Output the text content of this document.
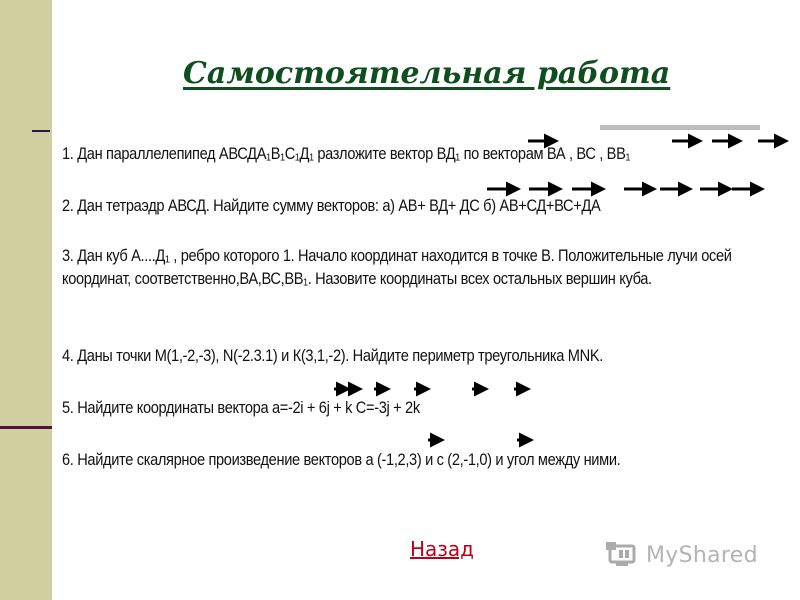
Самостоятельная работа
1. Дан параллелепипед АВСДА₁В₁С₁Д₁ разложите вектор ВД₁ по векторам ВА , ВС , ВВ₁
2. Дан тетраэдр АВСД. Найдите сумму векторов: а) АВ+ ВД+ ДС б) АВ+СД+ВС+ДА
3. Дан куб А....Д₁ , ребро которого 1. Начало координат находится в точке В. Положительные лучи осей координат, соответственно,ВА,ВС,ВВ₁. Назовите координаты всех остальных вершин куба.
4. Даны точки М(1,-2,-3), N(-2.3.1) и К(3,1,-2). Найдите периметр треугольника MNK.
5. Найдите координаты вектора а=-2i + 6j + k C=-3j + 2k
6. Найдите скалярное произведение векторов а (-1,2,3) и с (2,-1,0) и угол между ними.
Назад	MyShared
